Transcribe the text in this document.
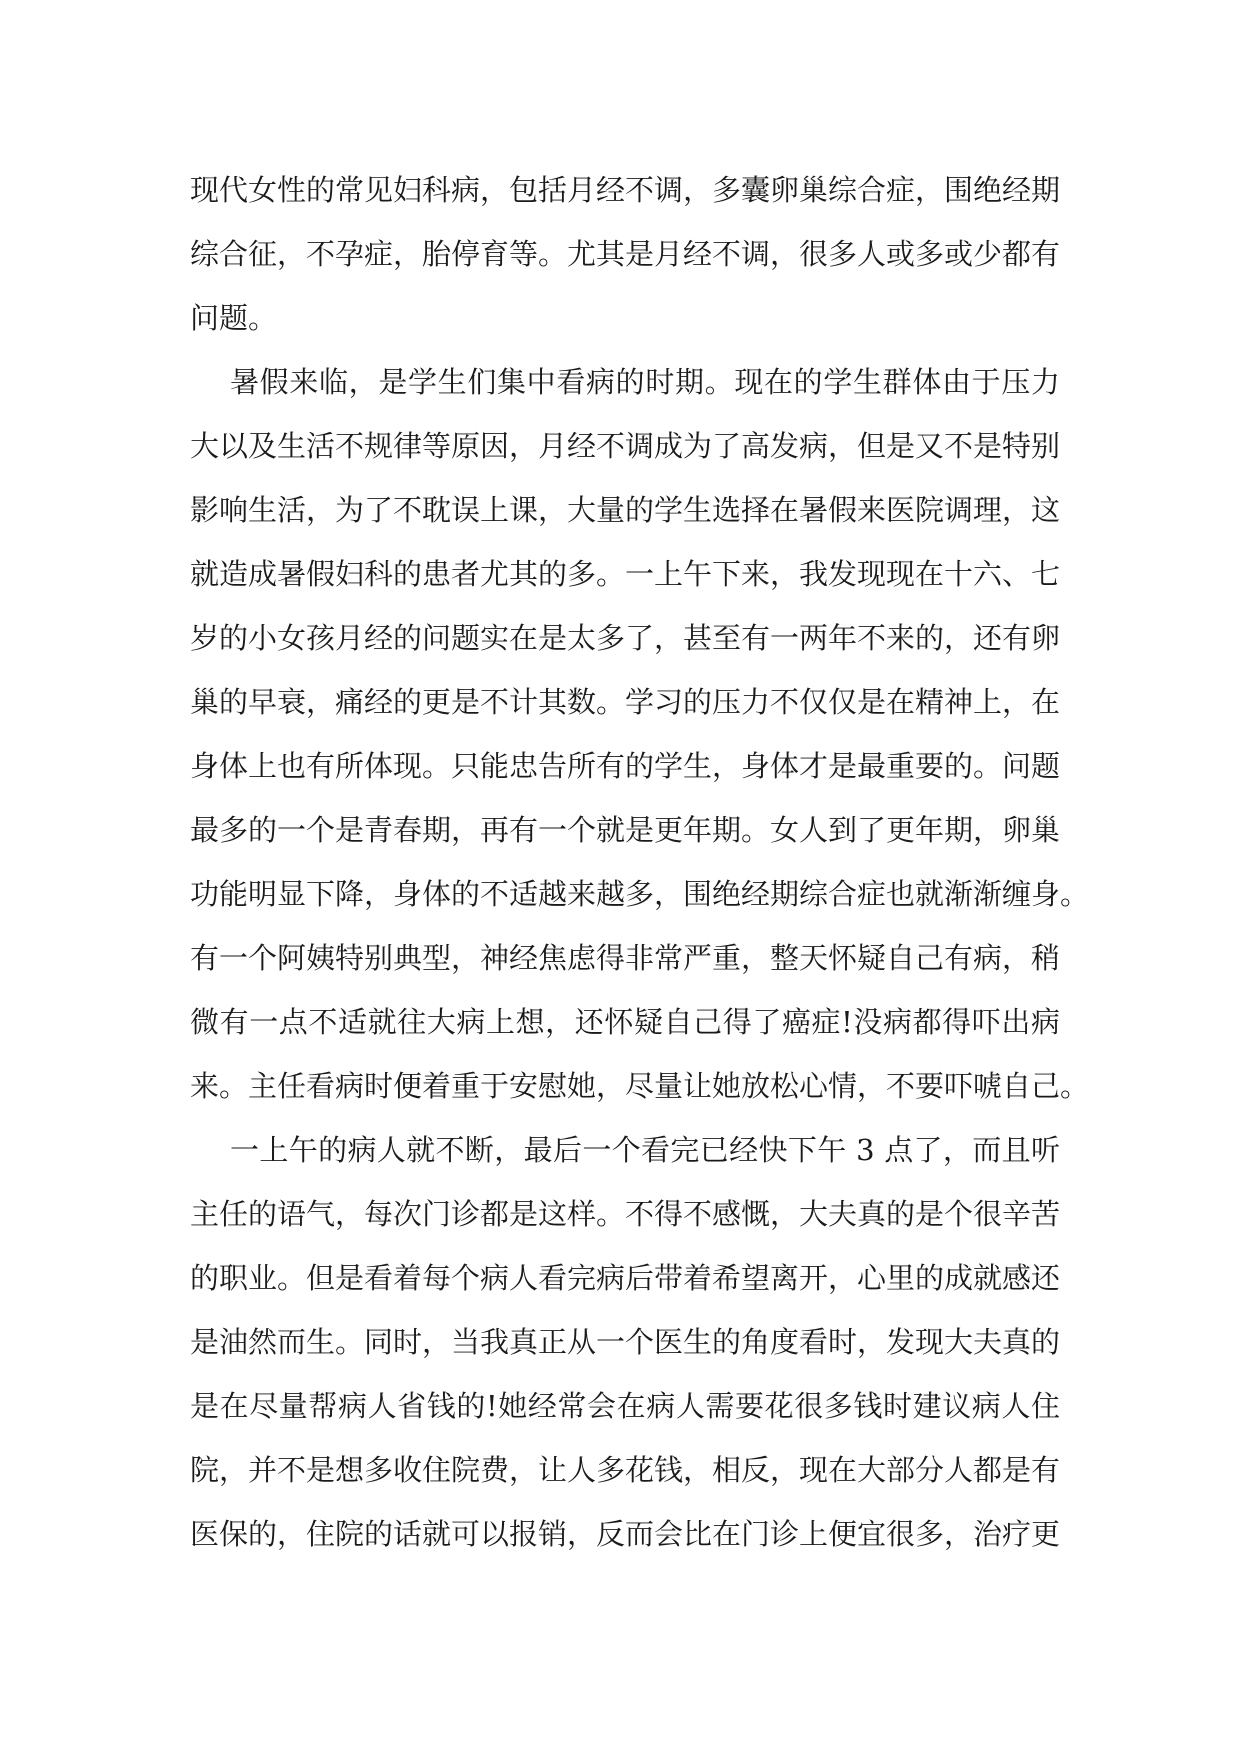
现代女性的常见妇科病，包括月经不调，多囊卵巢综合症，围绝经期
综合征，不孕症，胎停育等。尤其是月经不调，很多人或多或少都有
问题。
暑假来临，是学生们集中看病的时期。现在的学生群体由于压力
大以及生活不规律等原因，月经不调成为了高发病，但是又不是特别
影响生活，为了不耽误上课，大量的学生选择在暑假来医院调理，这
就造成暑假妇科的患者尤其的多。一上午下来，我发现现在十六、七
岁的小女孩月经的问题实在是太多了，甚至有一两年不来的，还有卵
巢的早衰，痛经的更是不计其数。学习的压力不仅仅是在精神上，在
身体上也有所体现。只能忠告所有的学生，身体才是最重要的。问题
最多的一个是青春期，再有一个就是更年期。女人到了更年期，卵巢
功能明显下降，身体的不适越来越多，围绝经期综合症也就渐渐缠身。
有一个阿姨特别典型，神经焦虑得非常严重，整天怀疑自己有病，稍
微有一点不适就往大病上想，还怀疑自己得了癌症!没病都得吓出病
来。主任看病时便着重于安慰她，尽量让她放松心情，不要吓唬自己。
一上午的病人就不断，最后一个看完已经快下午 3 点了，而且听
主任的语气，每次门诊都是这样。不得不感慨，大夫真的是个很辛苦
的职业。但是看着每个病人看完病后带着希望离开，心里的成就感还
是油然而生。同时，当我真正从一个医生的角度看时，发现大夫真的
是在尽量帮病人省钱的!她经常会在病人需要花很多钱时建议病人住
院，并不是想多收住院费，让人多花钱，相反，现在大部分人都是有
医保的，住院的话就可以报销，反而会比在门诊上便宜很多，治疗更
